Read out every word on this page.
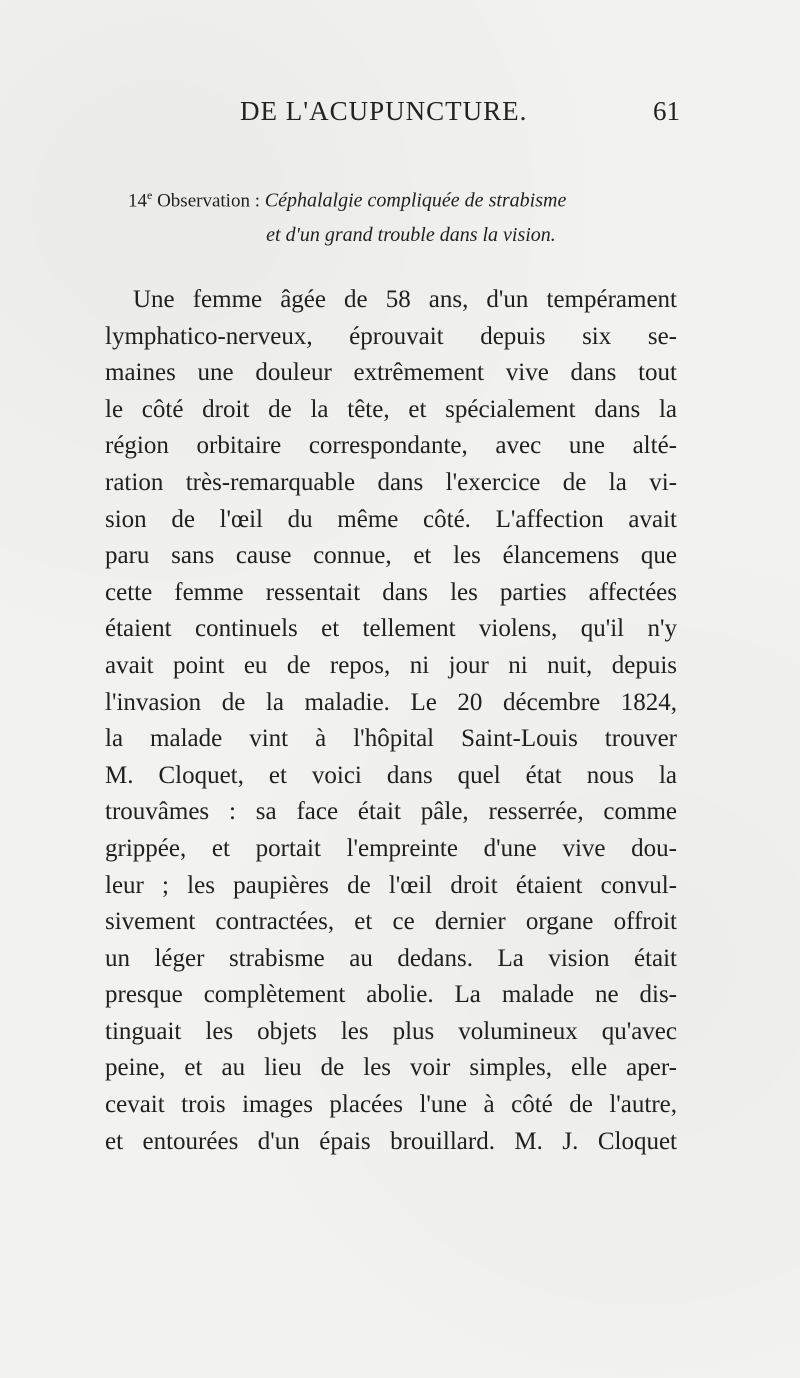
DE L'ACUPUNCTURE.	61
14e Observation : Céphalalgie compliquée de strabisme
et d'un grand trouble dans la vision.
Une femme âgée de 58 ans, d'un tempérament
lymphatico-nerveux, éprouvait depuis six se-
maines une douleur extrêmement vive dans tout
le côté droit de la tête, et spécialement dans la
région orbitaire correspondante, avec une alté-
ration très-remarquable dans l'exercice de la vi-
sion de l'œil du même côté. L'affection avait
paru sans cause connue, et les élancemens que
cette femme ressentait dans les parties affectées
étaient continuels et tellement violens, qu'il n'y
avait point eu de repos, ni jour ni nuit, depuis
l'invasion de la maladie. Le 20 décembre 1824,
la malade vint à l'hôpital Saint-Louis trouver
M. Cloquet, et voici dans quel état nous la
trouvâmes : sa face était pâle, resserrée, comme
grippée, et portait l'empreinte d'une vive dou-
leur ; les paupières de l'œil droit étaient convul-
sivement contractées, et ce dernier organe offroit
un léger strabisme au dedans. La vision était
presque complètement abolie. La malade ne dis-
tinguait les objets les plus volumineux qu'avec
peine, et au lieu de les voir simples, elle aper-
cevait trois images placées l'une à côté de l'autre,
et entourées d'un épais brouillard. M. J. Cloquet
